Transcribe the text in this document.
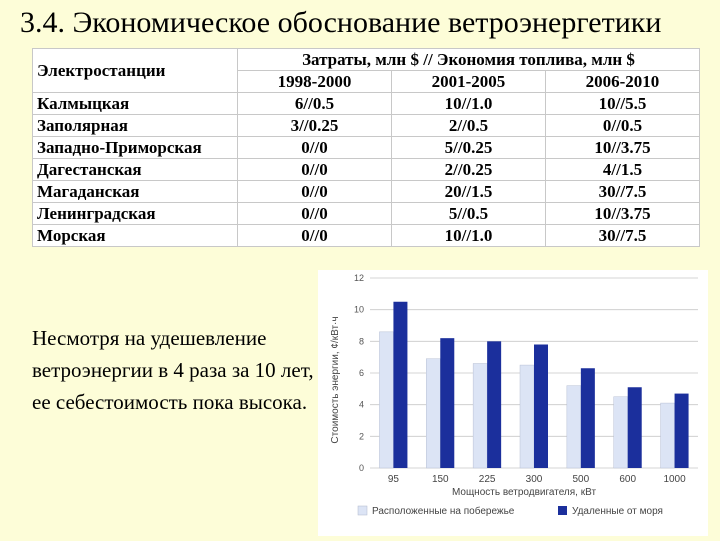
3.4. Экономическое обоснование ветроэнергетики
Электростанции	Затраты, млн $ // Экономия топлива, млн $		
	1998-2000	2001-2005	2006-2010
Калмыцкая	6//0.5	10//1.0	10//5.5
Заполярная	3//0.25	2//0.5	0//0.5
Западно-Приморская	0//0	5//0.25	10//3.75
Дагестанская	0//0	2//0.25	4//1.5
Магаданская	0//0	20//1.5	30//7.5
Ленинградская	0//0	5//0.5	10//3.75
Морская	0//0	10//1.0	30//7.5
Несмотря на удешевление ветроэнергии в 4 раза за 10 лет, ее себестоимость пока высока.
0
2
4
6
8
10
12
95	150	225	300	500	600	1000
Стоимость энергии, ¢/кВт·ч
Мощность ветродвигателя, кВт
Расположенные на побережье	Удаленные от моря
